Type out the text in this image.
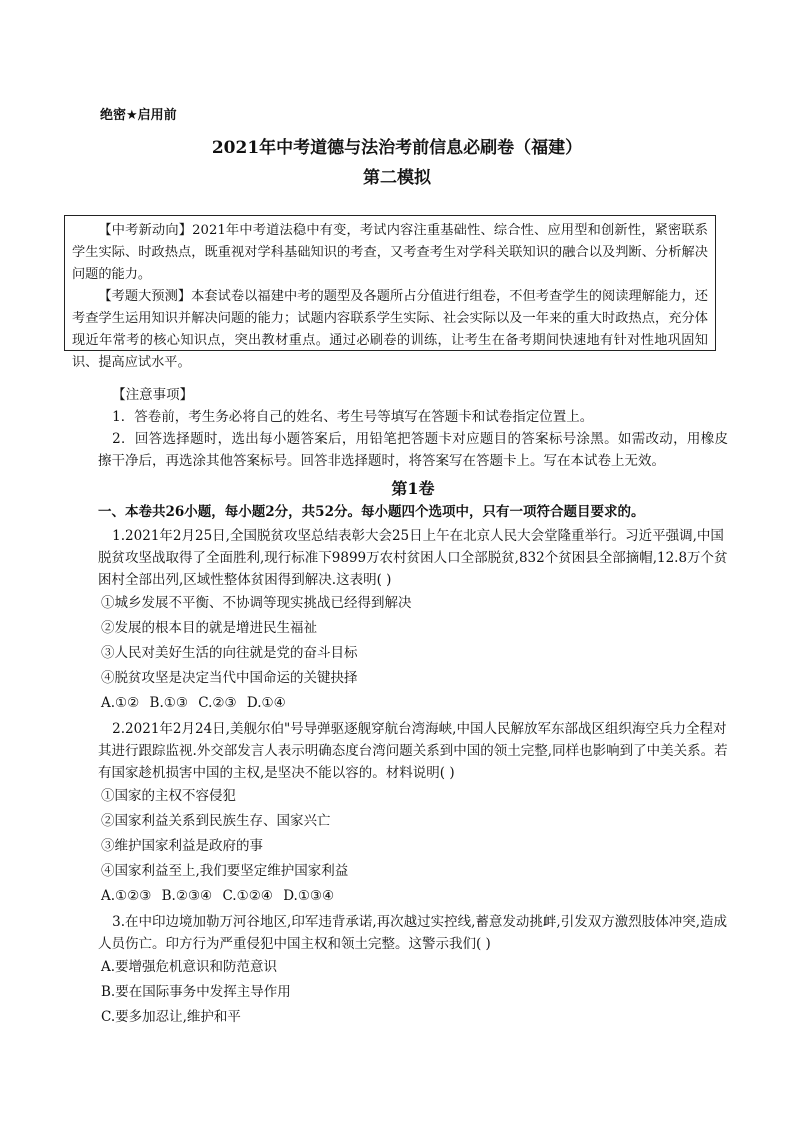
绝密★启用前
2021年中考道德与法治考前信息必刷卷（福建）
第二模拟

【中考新动向】2021年中考道法稳中有变，考试内容注重基础性、综合性、应用型和创新性，紧密联系学生实际、时政热点，既重视对学科基础知识的考查，又考查考生对学科关联知识的融合以及判断、分析解决问题的能力。

【考题大预测】本套试卷以福建中考的题型及各题所占分值进行组卷，不但考查学生的阅读理解能力，还考查学生运用知识并解决问题的能力；试题内容联系学生实际、社会实际以及一年来的重大时政热点，充分体现近年常考的核心知识点，突出教材重点。通过必刷卷的训练，让考生在备考期间快速地有针对性地巩固知识、提高应试水平。

【注意事项】

1．答卷前，考生务必将自己的姓名、考生号等填写在答题卡和试卷指定位置上。

2．回答选择题时，选出每小题答案后，用铅笔把答题卡对应题目的答案标号涂黑。如需改动，用橡皮擦干净后，再选涂其他答案标号。回答非选择题时，将答案写在答题卡上。写在本试卷上无效。

第1卷

一、本卷共26小题，每小题2分，共52分。每小题四个选项中，只有一项符合题目要求的。

1.2021年2月25日,全国脱贫攻坚总结表彰大会25日上午在北京人民大会堂隆重举行。习近平强调,中国脱贫攻坚战取得了全面胜利,现行标准下9899万农村贫困人口全部脱贫,832个贫困县全部摘帽,12.8万个贫困村全部出列,区域性整体贫困得到解决.这表明( )

①城乡发展不平衡、不协调等现实挑战已经得到解决

②发展的根本目的就是增进民生福祉

③人民对美好生活的向往就是党的奋斗目标

④脱贫攻坚是决定当代中国命运的关键抉择

A.①② B.①③ C.②③ D.①④

2.2021年2月24日,美舰尔伯"号导弹驱逐舰穿航台湾海峡,中国人民解放军东部战区组织海空兵力全程对其进行跟踪监视.外交部发言人表示明确态度台湾问题关系到中国的领土完整,同样也影响到了中美关系。若有国家趁机损害中国的主权,是坚决不能以容的。材料说明( )

①国家的主权不容侵犯

②国家利益关系到民族生存、国家兴亡

③维护国家利益是政府的事

④国家利益至上,我们要坚定维护国家利益

A.①②③ B.②③④ C.①②④ D.①③④

3.在中印边境加勒万河谷地区,印军违背承诺,再次越过实控线,蓄意发动挑衅,引发双方激烈肢体冲突,造成人员伤亡。印方行为严重侵犯中国主权和领土完整。这警示我们( )

A.要增强危机意识和防范意识

B.要在国际事务中发挥主导作用

C.要多加忍让,维护和平
